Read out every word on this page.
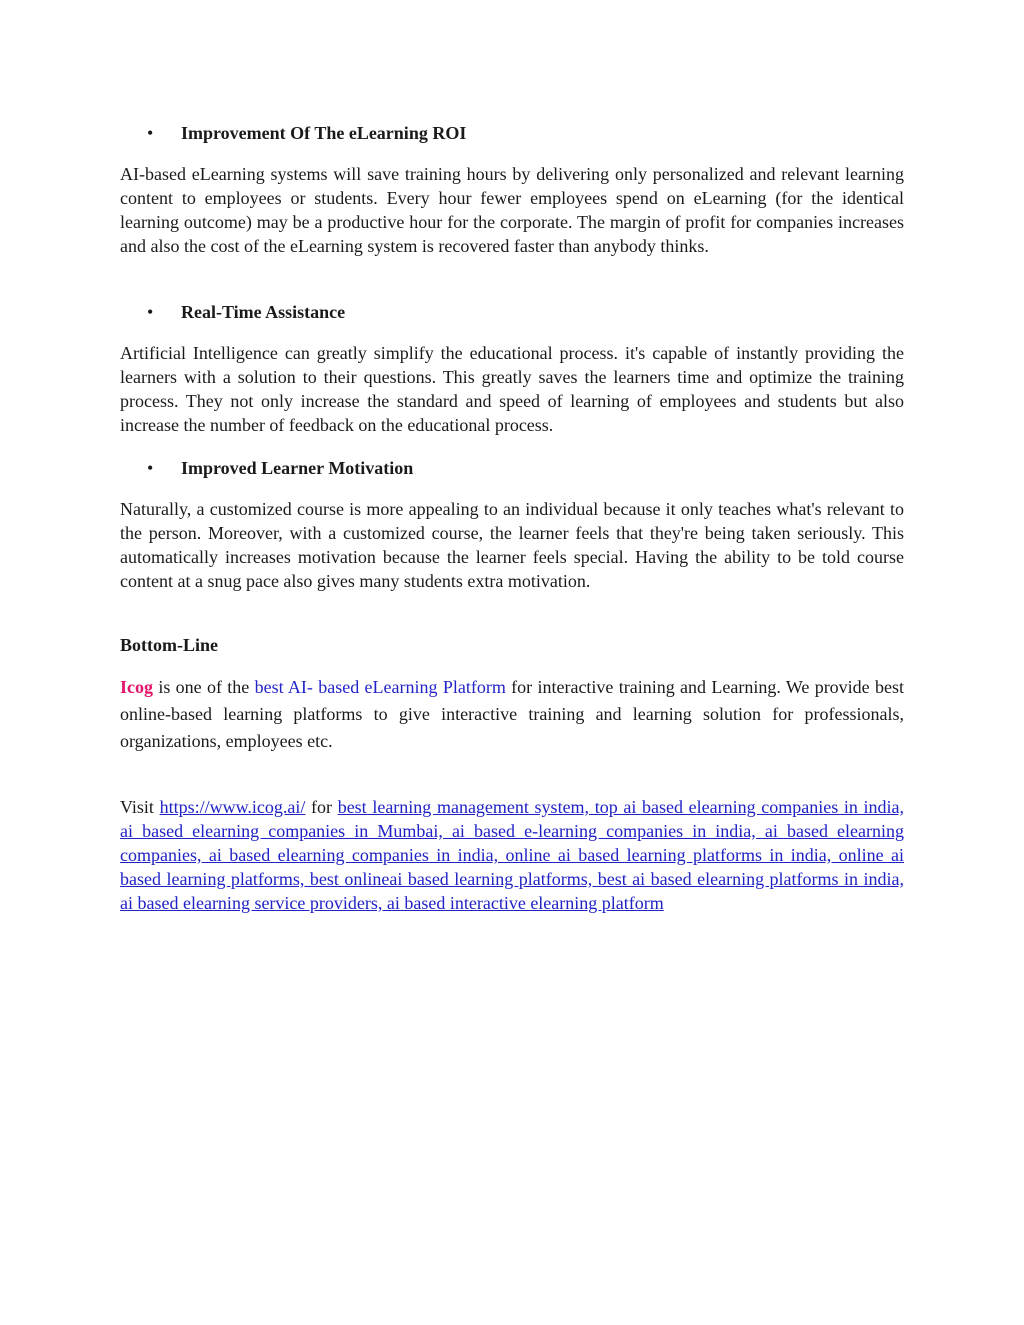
• Improvement Of The eLearning ROI

AI-based eLearning systems will save training hours by delivering only personalized and relevant learning content to employees or students. Every hour fewer employees spend on eLearning (for the identical learning outcome) may be a productive hour for the corporate. The margin of profit for companies increases and also the cost of the eLearning system is recovered faster than anybody thinks.

• Real-Time Assistance

Artificial Intelligence can greatly simplify the educational process. it's capable of instantly providing the learners with a solution to their questions. This greatly saves the learners time and optimize the training process. They not only increase the standard and speed of learning of employees and students but also increase the number of feedback on the educational process.

• Improved Learner Motivation

Naturally, a customized course is more appealing to an individual because it only teaches what's relevant to the person. Moreover, with a customized course, the learner feels that they're being taken seriously. This automatically increases motivation because the learner feels special. Having the ability to be told course content at a snug pace also gives many students extra motivation.

Bottom-Line

Icog is one of the best AI- based eLearning Platform for interactive training and Learning. We provide best online-based learning platforms to give interactive training and learning solution for professionals, organizations, employees etc.

Visit https://www.icog.ai/ for best learning management system, top ai based elearning companies in india, ai based elearning companies in Mumbai, ai based e-learning companies in india, ai based elearning companies, ai based elearning companies in india, online ai based learning platforms in india, online ai based learning platforms, best onlineai based learning platforms, best ai based elearning platforms in india, ai based elearning service providers, ai based interactive elearning platform
